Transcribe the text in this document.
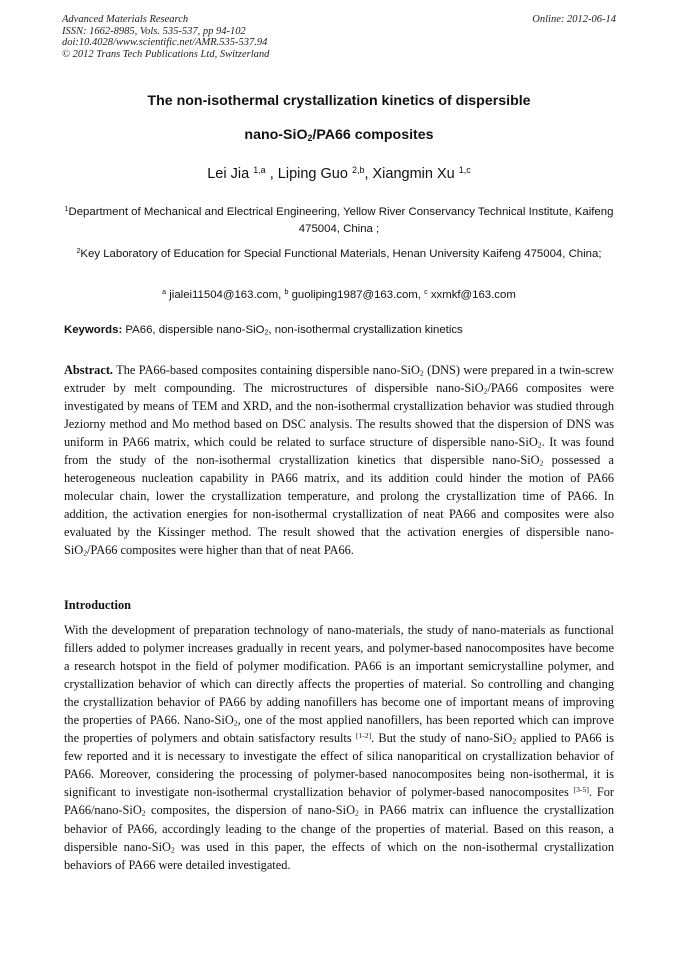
Advanced Materials Research
ISSN: 1662-8985, Vols. 535-537, pp 94-102
doi:10.4028/www.scientific.net/AMR.535-537.94
© 2012 Trans Tech Publications Ltd, Switzerland
Online: 2012-06-14
The non-isothermal crystallization kinetics of dispersible
nano-SiO$_2$/PA66 composites
Lei Jia $^{1,a}$ , Liping Guo $^{2,b}$, Xiangmin Xu $^{1,c}$
$^1$Department of Mechanical and Electrical Engineering, Yellow River Conservancy Technical Institute, Kaifeng 475004, China ;
$^2$Key Laboratory of Education for Special Functional Materials, Henan University Kaifeng 475004, China;
$^a$ jialei11504@163.com, $^b$ guoliping1987@163.com, $^c$ xxmkf@163.com
Keywords: PA66, dispersible nano-SiO$_2$, non-isothermal crystallization kinetics
Abstract. The PA66-based composites containing dispersible nano-SiO$_2$ (DNS) were prepared in a twin-screw extruder by melt compounding. The microstructures of dispersible nano-SiO$_2$/PA66 composites were investigated by means of TEM and XRD, and the non-isothermal crystallization behavior was studied through Jeziorny method and Mo method based on DSC analysis. The results showed that the dispersion of DNS was uniform in PA66 matrix, which could be related to surface structure of dispersible nano-SiO$_2$. It was found from the study of the non-isothermal crystallization kinetics that dispersible nano-SiO$_2$ possessed a heterogeneous nucleation capability in PA66 matrix, and its addition could hinder the motion of PA66 molecular chain, lower the crystallization temperature, and prolong the crystallization time of PA66. In addition, the activation energies for non-isothermal crystallization of neat PA66 and composites were also evaluated by the Kissinger method. The result showed that the activation energies of dispersible nano-SiO$_2$/PA66 composites were higher than that of neat PA66.
Introduction
With the development of preparation technology of nano-materials, the study of nano-materials as functional fillers added to polymer increases gradually in recent years, and polymer-based nanocomposites have become a research hotspot in the field of polymer modification. PA66 is an important semicrystalline polymer, and crystallization behavior of which can directly affects the properties of material. So controlling and changing the crystallization behavior of PA66 by adding nanofillers has become one of important means of improving the properties of PA66. Nano-SiO$_2$, one of the most applied nanofillers, has been reported which can improve the properties of polymers and obtain satisfactory results [1-2]. But the study of nano-SiO$_2$ applied to PA66 is few reported and it is necessary to investigate the effect of silica nanoparitical on crystallization behavior of PA66. Moreover, considering the processing of polymer-based nanocomposites being non-isothermal, it is significant to investigate non-isothermal crystallization behavior of polymer-based nanocomposites [3-5]. For PA66/nano-SiO$_2$ composites, the dispersion of nano-SiO$_2$ in PA66 matrix can influence the crystallization behavior of PA66, accordingly leading to the change of the properties of material. Based on this reason, a dispersible nano-SiO$_2$ was used in this paper, the effects of which on the non-isothermal crystallization behaviors of PA66 were detailed investigated.
